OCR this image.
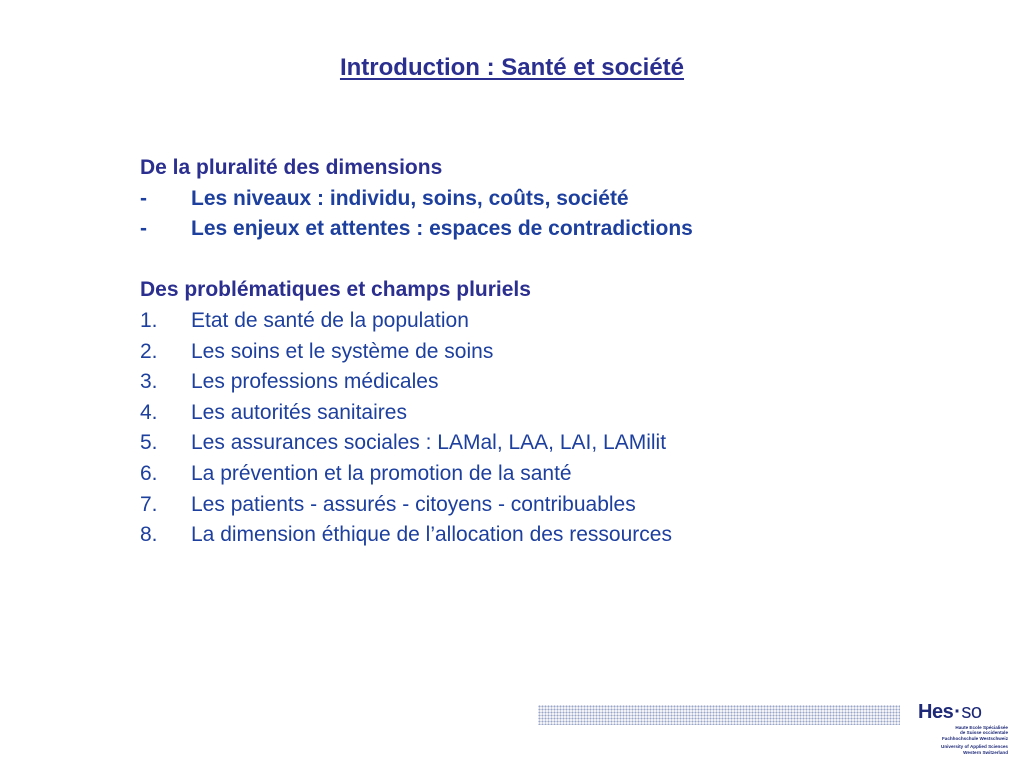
Introduction : Santé et société
De la pluralité des dimensions
- Les niveaux : individu, soins, coûts, société
- Les enjeux et attentes : espaces de contradictions
Des problématiques et champs pluriels
1. Etat de santé de la population
2. Les soins et le système de soins
3. Les professions médicales
4. Les autorités sanitaires
5. Les assurances sociales : LAMal, LAA, LAI, LAMilit
6. La prévention et la promotion de la santé
7. Les patients - assurés - citoyens - contribuables
8. La dimension éthique de l’allocation des ressources
Hes·so
Haute Ecole Spécialisée
de Suisse occidentale
Fachhochschule Westschweiz
University of Applied Sciences
Western Switzerland
